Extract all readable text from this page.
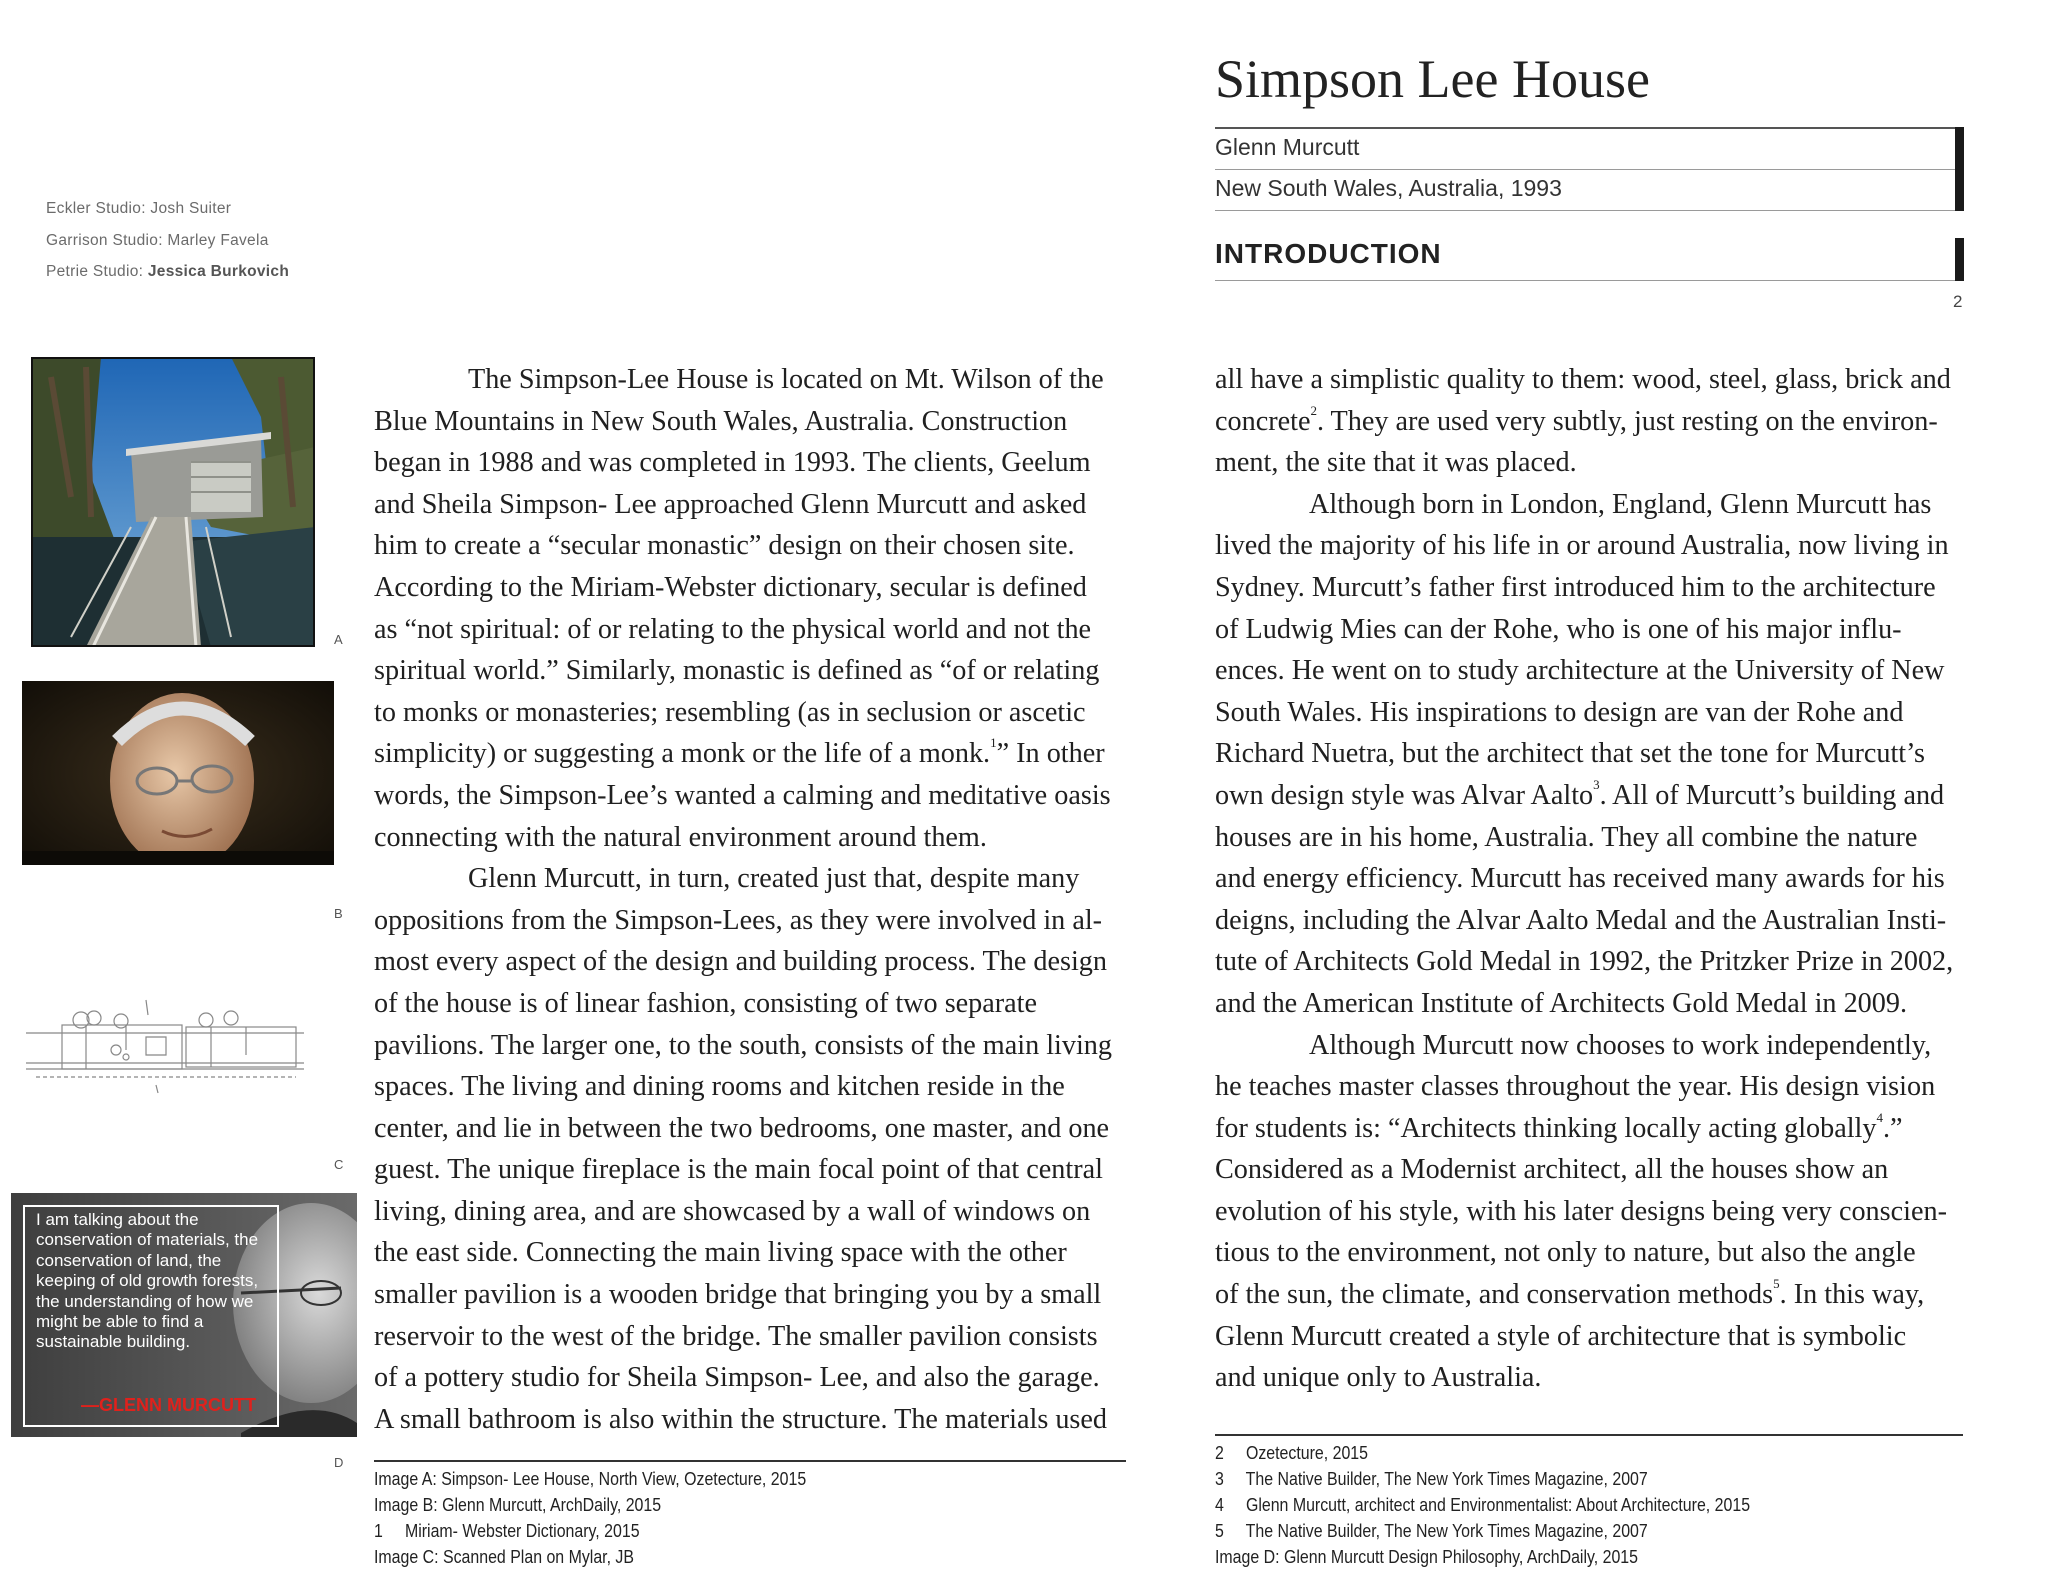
Eckler Studio: Josh Suiter
Garrison Studio: Marley Favela
Petrie Studio: Jessica Burkovich
Simpson Lee House
Glenn Murcutt
New South Wales, Australia, 1993
INTRODUCTION
2
A
B
C
I am talking about the conservation of materials, the conservation of land, the keeping of old growth forests, the understanding of how we might be able to find a sustainable building.
—GLENN MURCUTT
D
The Simpson-Lee House is located on Mt. Wilson of the
Blue Mountains in New South Wales, Australia. Construction
began in 1988 and was completed in 1993. The clients, Geelum
and Sheila Simpson- Lee approached Glenn Murcutt and asked
him to create a “secular monastic” design on their chosen site.
According to the Miriam-Webster dictionary, secular is defined
as “not spiritual: of or relating to the physical world and not the
spiritual world.” Similarly, monastic is defined as “of or relating
to monks or monasteries; resembling (as in seclusion or ascetic
simplicity) or suggesting a monk or the life of a monk.$^1$” In other
words, the Simpson-Lee’s wanted a calming and meditative oasis
connecting with the natural environment around them.
Glenn Murcutt, in turn, created just that, despite many
oppositions from the Simpson-Lees, as they were involved in al-
most every aspect of the design and building process. The design
of the house is of linear fashion, consisting of two separate
pavilions. The larger one, to the south, consists of the main living
spaces. The living and dining rooms and kitchen reside in the
center, and lie in between the two bedrooms, one master, and one
guest. The unique fireplace is the main focal point of that central
living, dining area, and are showcased by a wall of windows on
the east side. Connecting the main living space with the other
smaller pavilion is a wooden bridge that bringing you by a small
reservoir to the west of the bridge. The smaller pavilion consists
of a pottery studio for Sheila Simpson- Lee, and also the garage.
A small bathroom is also within the structure. The materials used
all have a simplistic quality to them: wood, steel, glass, brick and
concrete$^2$. They are used very subtly, just resting on the environ-
ment, the site that it was placed.
Although born in London, England, Glenn Murcutt has
lived the majority of his life in or around Australia, now living in
Sydney. Murcutt’s father first introduced him to the architecture
of Ludwig Mies can der Rohe, who is one of his major influ-
ences. He went on to study architecture at the University of New
South Wales. His inspirations to design are van der Rohe and
Richard Nuetra, but the architect that set the tone for Murcutt’s
own design style was Alvar Aalto$^3$. All of Murcutt’s building and
houses are in his home, Australia. They all combine the nature
and energy efficiency. Murcutt has received many awards for his
deigns, including the Alvar Aalto Medal and the Australian Insti-
tute of Architects Gold Medal in 1992, the Pritzker Prize in 2002,
and the American Institute of Architects Gold Medal in 2009.
Although Murcutt now chooses to work independently,
he teaches master classes throughout the year. His design vision
for students is: “Architects thinking locally acting globally$^4$.”
Considered as a Modernist architect, all the houses show an
evolution of his style, with his later designs being very conscien-
tious to the environment, not only to nature, but also the angle
of the sun, the climate, and conservation methods$^5$. In this way,
Glenn Murcutt created a style of architecture that is symbolic
and unique only to Australia.
Image A: Simpson- Lee House, North View, Ozetecture, 2015
Image B: Glenn Murcutt, ArchDaily, 2015
1     Miriam- Webster Dictionary, 2015
Image C: Scanned Plan on Mylar, JB
2     Ozetecture, 2015
3     The Native Builder, The New York Times Magazine, 2007
4     Glenn Murcutt, architect and Environmentalist: About Architecture, 2015
5     The Native Builder, The New York Times Magazine, 2007
Image D: Glenn Murcutt Design Philosophy, ArchDaily, 2015
